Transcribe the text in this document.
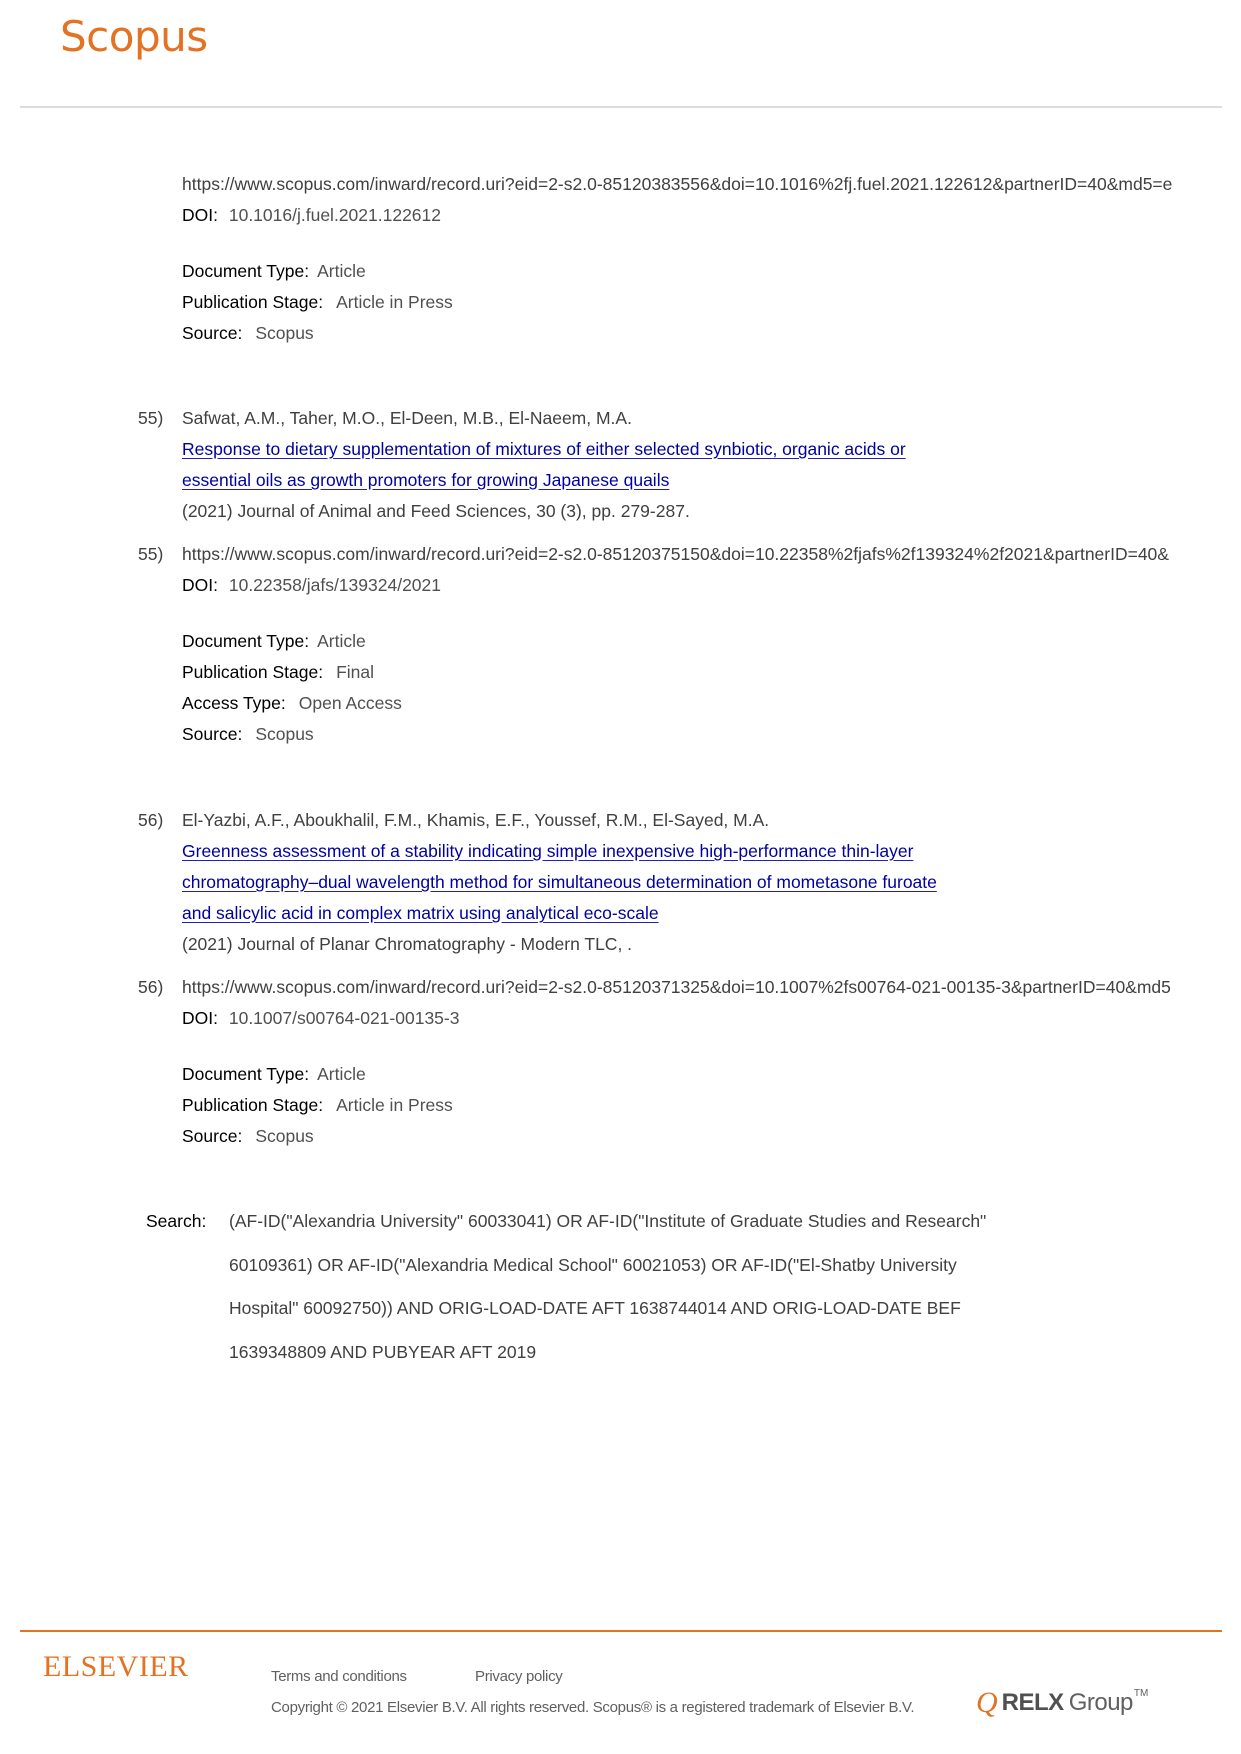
Scopus
https://www.scopus.com/inward/record.uri?eid=2-s2.0-85120383556&doi=10.1016%2fj.fuel.2021.122612&partnerID=40&md5=e
DOI: 10.1016/j.fuel.2021.122612
Document Type: Article
Publication Stage: Article in Press
Source: Scopus
55) Safwat, A.M., Taher, M.O., El-Deen, M.B., El-Naeem, M.A.
Response to dietary supplementation of mixtures of either selected synbiotic, organic acids or
essential oils as growth promoters for growing Japanese quails
(2021) Journal of Animal and Feed Sciences, 30 (3), pp. 279-287.
55) https://www.scopus.com/inward/record.uri?eid=2-s2.0-85120375150&doi=10.22358%2fjafs%2f139324%2f2021&partnerID=40&
DOI: 10.22358/jafs/139324/2021
Document Type: Article
Publication Stage: Final
Access Type: Open Access
Source: Scopus
56) El-Yazbi, A.F., Aboukhalil, F.M., Khamis, E.F., Youssef, R.M., El-Sayed, M.A.
Greenness assessment of a stability indicating simple inexpensive high-performance thin-layer
chromatography–dual wavelength method for simultaneous determination of mometasone furoate
and salicylic acid in complex matrix using analytical eco-scale
(2021) Journal of Planar Chromatography - Modern TLC, .
56) https://www.scopus.com/inward/record.uri?eid=2-s2.0-85120371325&doi=10.1007%2fs00764-021-00135-3&partnerID=40&md5
DOI: 10.1007/s00764-021-00135-3
Document Type: Article
Publication Stage: Article in Press
Source: Scopus
Search: (AF-ID("Alexandria University" 60033041) OR AF-ID("Institute of Graduate Studies and Research"
60109361) OR AF-ID("Alexandria Medical School" 60021053) OR AF-ID("El-Shatby University
Hospital" 60092750)) AND ORIG-LOAD-DATE AFT 1638744014 AND ORIG-LOAD-DATE BEF
1639348809 AND PUBYEAR AFT 2019
ELSEVIER	Terms and conditions	Privacy policy
Copyright © 2021 Elsevier B.V. All rights reserved. Scopus® is a registered trademark of Elsevier B.V. Q RELX Group TM
